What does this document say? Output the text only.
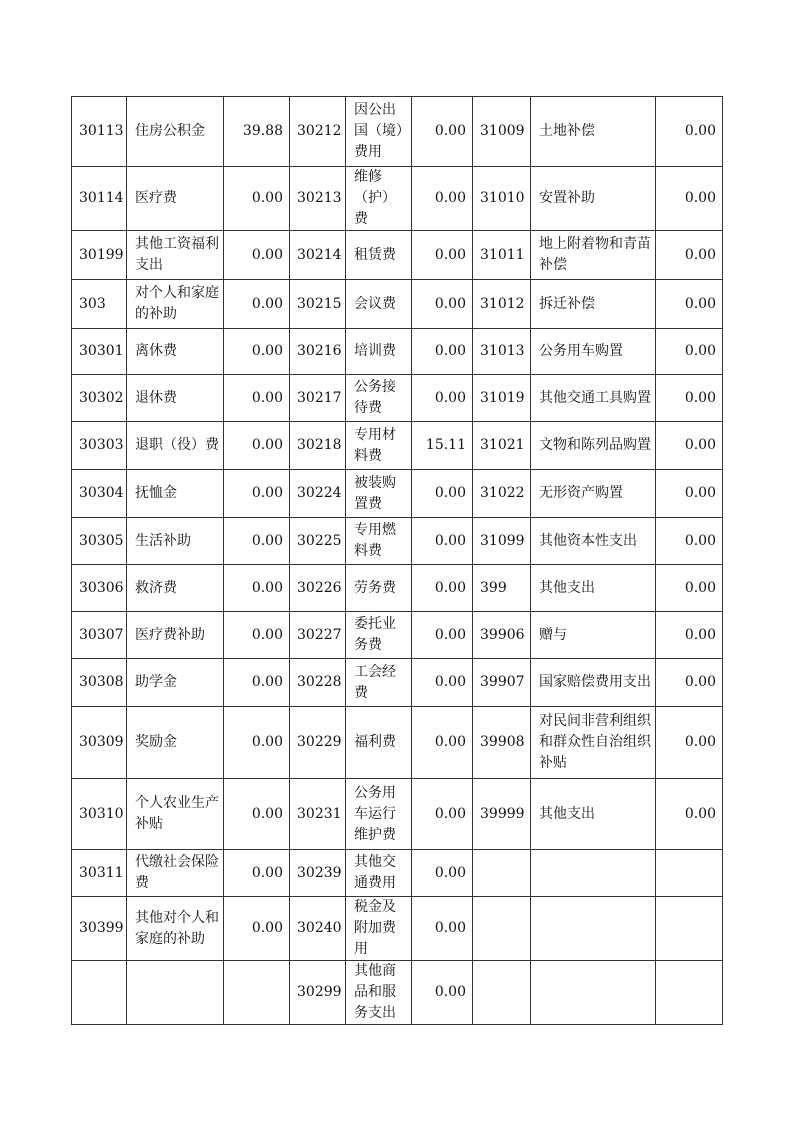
30113	住房公积金	39.88	30212	因公出国（境）费用	0.00	31009	土地补偿	0.00
30114	医疗费	0.00	30213	维修（护）费	0.00	31010	安置补助	0.00
30199	其他工资福利支出	0.00	30214	租赁费	0.00	31011	地上附着物和青苗补偿	0.00
303	对个人和家庭的补助	0.00	30215	会议费	0.00	31012	拆迁补偿	0.00
30301	离休费	0.00	30216	培训费	0.00	31013	公务用车购置	0.00
30302	退休费	0.00	30217	公务接待费	0.00	31019	其他交通工具购置	0.00
30303	退职（役）费	0.00	30218	专用材料费	15.11	31021	文物和陈列品购置	0.00
30304	抚恤金	0.00	30224	被装购置费	0.00	31022	无形资产购置	0.00
30305	生活补助	0.00	30225	专用燃料费	0.00	31099	其他资本性支出	0.00
30306	救济费	0.00	30226	劳务费	0.00	399	其他支出	0.00
30307	医疗费补助	0.00	30227	委托业务费	0.00	39906	赠与	0.00
30308	助学金	0.00	30228	工会经费	0.00	39907	国家赔偿费用支出	0.00
30309	奖励金	0.00	30229	福利费	0.00	39908	对民间非营利组织和群众性自治组织补贴	0.00
30310	个人农业生产补贴	0.00	30231	公务用车运行维护费	0.00	39999	其他支出	0.00
30311	代缴社会保险费	0.00	30239	其他交通费用	0.00			
30399	其他对个人和家庭的补助	0.00	30240	税金及附加费用	0.00			
			30299	其他商品和服务支出	0.00			
